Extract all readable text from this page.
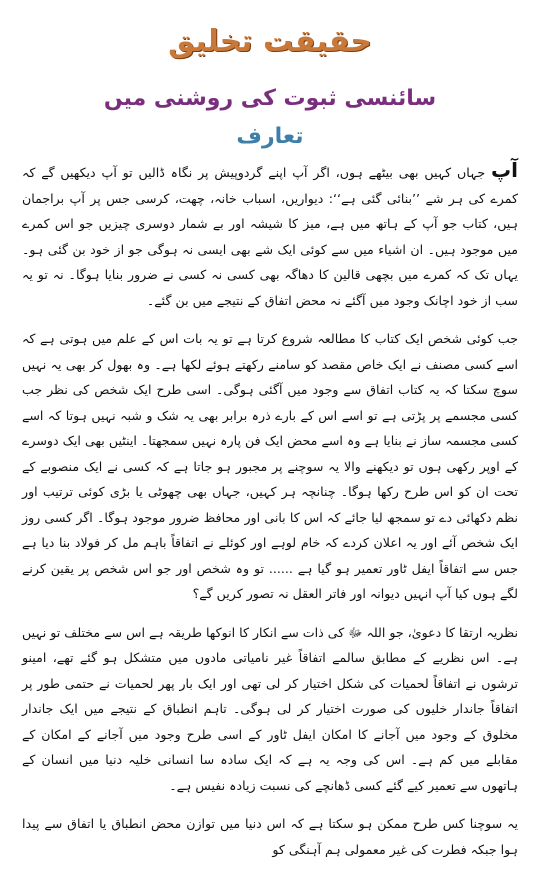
حقیقت تخلیق
سائنسی ثبوت کی روشنی میں
تعارف

آپ جہاں کہیں بھی بیٹھے ہوں، اگر آپ اپنے گردوپیش پر نگاہ ڈالیں تو آپ دیکھیں گے کہ کمرے کی ہر شے ’’بنائی گئی ہے‘‘: دیواریں، اسباب خانہ، چھت، کرسی جس پر آپ براجمان ہیں، کتاب جو آپ کے ہاتھ میں ہے، میز کا شیشہ اور بے شمار دوسری چیزیں جو اس کمرے میں موجود ہیں۔ ان اشیاء میں سے کوئی ایک شے بھی ایسی نہ ہوگی جو از خود بن گئی ہو۔ یہاں تک کہ کمرے میں بچھی قالین کا دھاگہ بھی کسی نہ کسی نے ضرور بنایا ہوگا۔ نہ تو یہ سب از خود اچانک وجود میں آگئے نہ محض اتفاق کے نتیجے میں بن گئے۔

جب کوئی شخص ایک کتاب کا مطالعہ شروع کرتا ہے تو یہ بات اس کے علم میں ہوتی ہے کہ اسے کسی مصنف نے ایک خاص مقصد کو سامنے رکھتے ہوئے لکھا ہے۔ وہ بھول کر بھی یہ نہیں سوچ سکتا کہ یہ کتاب اتفاق سے وجود میں آگئی ہوگی۔ اسی طرح ایک شخص کی نظر جب کسی مجسمے پر پڑتی ہے تو اسے اس کے بارے ذرہ برابر بھی یہ شک و شبہ نہیں ہوتا کہ اسے کسی مجسمہ ساز نے بنایا ہے وہ اسے محض ایک فن پارہ نہیں سمجھتا۔ اینٹیں بھی ایک دوسرے کے اوپر رکھی ہوں تو دیکھنے والا یہ سوچنے پر مجبور ہو جاتا ہے کہ کسی نے ایک منصوبے کے تحت ان کو اس طرح رکھا ہوگا۔ چنانچہ ہر کہیں، جہاں بھی چھوٹی یا بڑی کوئی ترتیب اور نظم دکھائی دے تو سمجھ لیا جائے کہ اس کا بانی اور محافظ ضرور موجود ہوگا۔ اگر کسی روز ایک شخص آئے اور یہ اعلان کردے کہ خام لوہے اور کوئلے نے اتفاقاً باہم مل کر فولاد بنا دیا ہے جس سے اتفاقاً ایفل ٹاور تعمیر ہو گیا ہے ...... تو وہ شخص اور جو اس شخص پر یقین کرنے لگے ہوں کیا آپ انہیں دیوانہ اور فاتر العقل نہ تصور کریں گے؟

نظریہ ارتقا کا دعویٰ، جو اللہ ﷻ کی ذات سے انکار کا انوکھا طریقہ ہے اس سے مختلف تو نہیں ہے۔ اس نظریے کے مطابق سالمے اتفاقاً غیر نامیاتی مادوں میں متشکل ہو گئے تھے، امینو ترشوں نے اتفاقاً لحمیات کی شکل اختیار کر لی تھی اور ایک بار پھر لحمیات نے حتمی طور پر اتفاقاً جاندار خلیوں کی صورت اختیار کر لی ہوگی۔ تاہم انطباق کے نتیجے میں ایک جاندار مخلوق کے وجود میں آجانے کا امکان ایفل ٹاور کے اسی طرح وجود میں آجانے کے امکان کے مقابلے میں کم ہے۔ اس کی وجہ یہ ہے کہ ایک سادہ سا انسانی خلیہ دنیا میں انسان کے ہاتھوں سے تعمیر کیے گئے کسی ڈھانچے کی نسبت زیادہ نفیس ہے۔

یہ سوچنا کس طرح ممکن ہو سکتا ہے کہ اس دنیا میں توازن محض انطباق یا اتفاق سے پیدا ہوا جبکہ فطرت کی غیر معمولی ہم آہنگی کو
